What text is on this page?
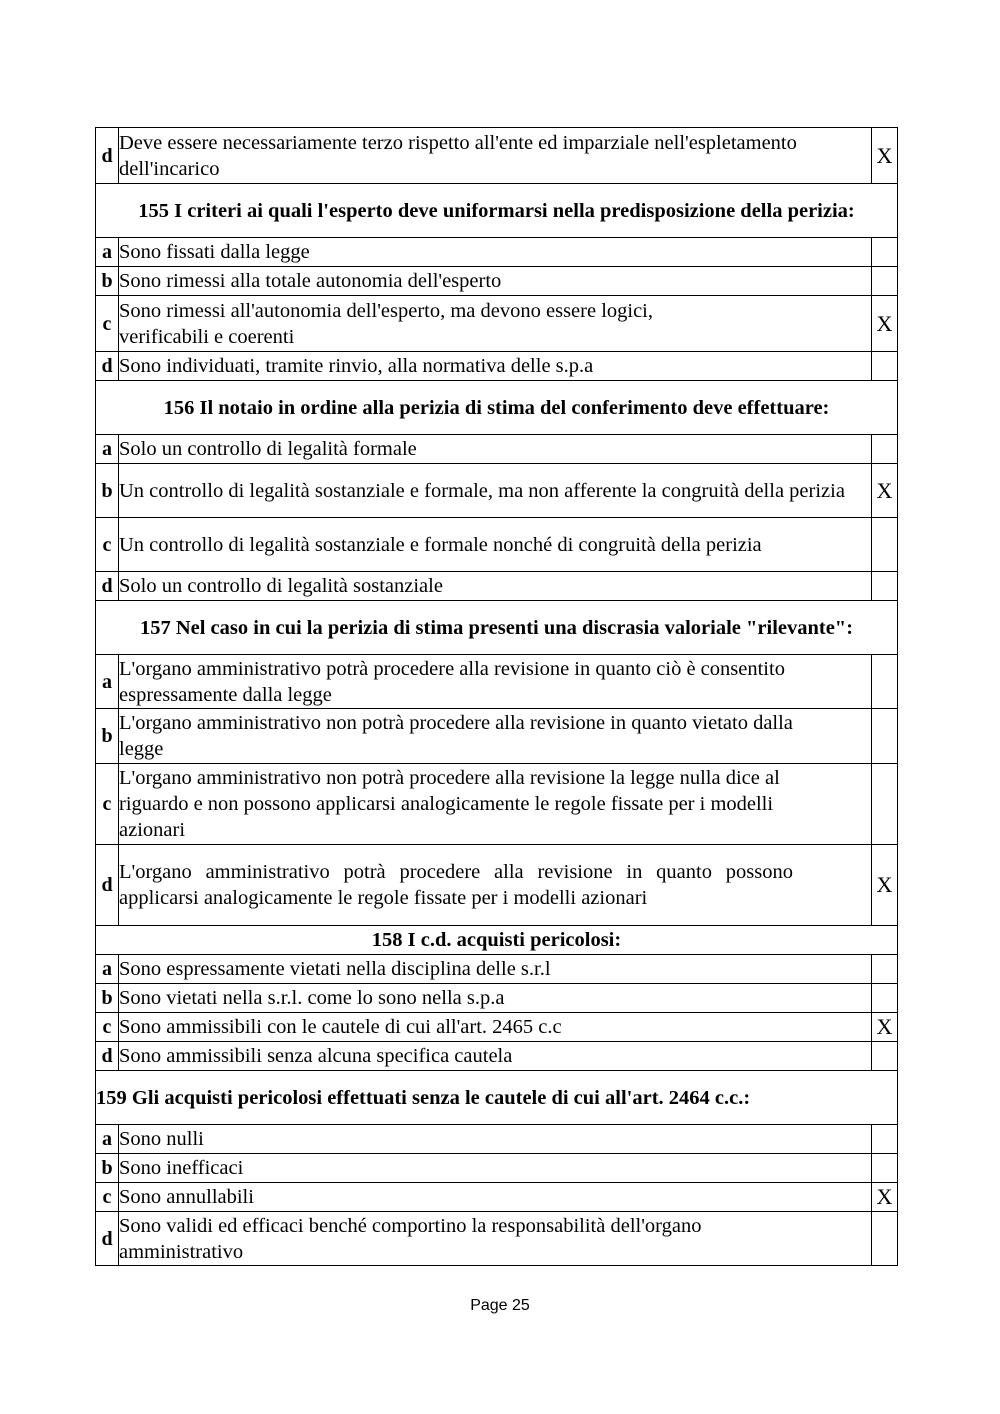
d	Deve essere necessariamente terzo rispetto all'ente ed imparziale nell'espletamento dell'incarico	X
155 I criteri ai quali l'esperto deve uniformarsi nella predisposizione della perizia:		
a	Sono fissati dalla legge	
b	Sono rimessi alla totale autonomia dell'esperto	
c	Sono rimessi all'autonomia dell'esperto, ma devono essere logici, verificabili e coerenti	X
d	Sono individuati, tramite rinvio, alla normativa delle s.p.a	
156 Il notaio in ordine alla perizia di stima del conferimento deve effettuare:		
a	Solo un controllo di legalità formale	
b	Un controllo di legalità sostanziale e formale, ma non afferente la congruità della perizia	X
c	Un controllo di legalità sostanziale e formale nonché di congruità della perizia	
d	Solo un controllo di legalità sostanziale	
157 Nel caso in cui la perizia di stima presenti una discrasia valoriale "rilevante":		
a	L'organo amministrativo potrà procedere alla revisione in quanto ciò è consentito espressamente dalla legge	
b	L'organo amministrativo non potrà procedere alla revisione in quanto vietato dalla legge	
c	L'organo amministrativo non potrà procedere alla revisione la legge nulla dice al riguardo e non possono applicarsi analogicamente le regole fissate per i modelli azionari	
d	L'organo amministrativo potrà procedere alla revisione in quanto possono applicarsi analogicamente le regole fissate per i modelli azionari	X
158 I c.d. acquisti pericolosi:		
a	Sono espressamente vietati nella disciplina delle s.r.l	
b	Sono vietati nella s.r.l. come lo sono nella s.p.a	
c	Sono ammissibili con le cautele di cui all'art. 2465 c.c	X
d	Sono ammissibili senza alcuna specifica cautela	
159 Gli acquisti pericolosi effettuati senza le cautele di cui all'art. 2464 c.c.:		
a	Sono nulli	
b	Sono inefficaci	
c	Sono annullabili	X
d	Sono validi ed efficaci benché comportino la responsabilità dell'organo amministrativo	
Page 25
